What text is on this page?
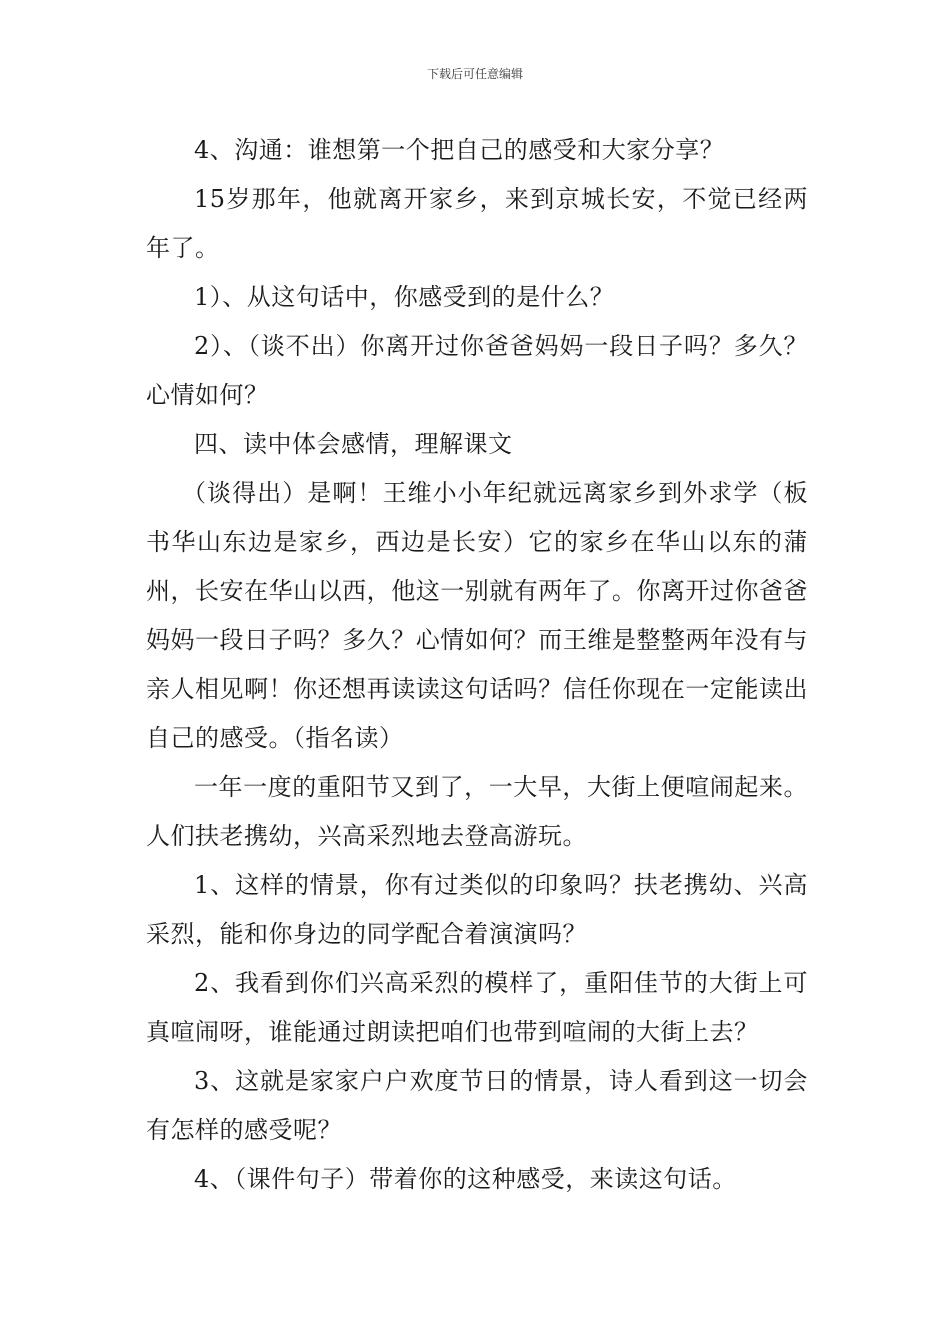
下载后可任意编辑

4、沟通：谁想第一个把自己的感受和大家分享？

15岁那年，他就离开家乡，来到京城长安，不觉已经两年了。

1）、从这句话中，你感受到的是什么？

2）、（谈不出）你离开过你爸爸妈妈一段日子吗？多久？心情如何？

四、读中体会感情，理解课文

（谈得出）是啊！王维小小年纪就远离家乡到外求学（板书华山东边是家乡，西边是长安）它的家乡在华山以东的蒲州，长安在华山以西，他这一别就有两年了。你离开过你爸爸妈妈一段日子吗？多久？心情如何？而王维是整整两年没有与亲人相见啊！你还想再读读这句话吗？信任你现在一定能读出自己的感受。（指名读）

一年一度的重阳节又到了，一大早，大街上便喧闹起来。人们扶老携幼，兴高采烈地去登高游玩。

1、这样的情景，你有过类似的印象吗？扶老携幼、兴高采烈，能和你身边的同学配合着演演吗？

2、我看到你们兴高采烈的模样了，重阳佳节的大街上可真喧闹呀，谁能通过朗读把咱们也带到喧闹的大街上去？

3、这就是家家户户欢度节日的情景，诗人看到这一切会有怎样的感受呢？

4、（课件句子）带着你的这种感受，来读这句话。
